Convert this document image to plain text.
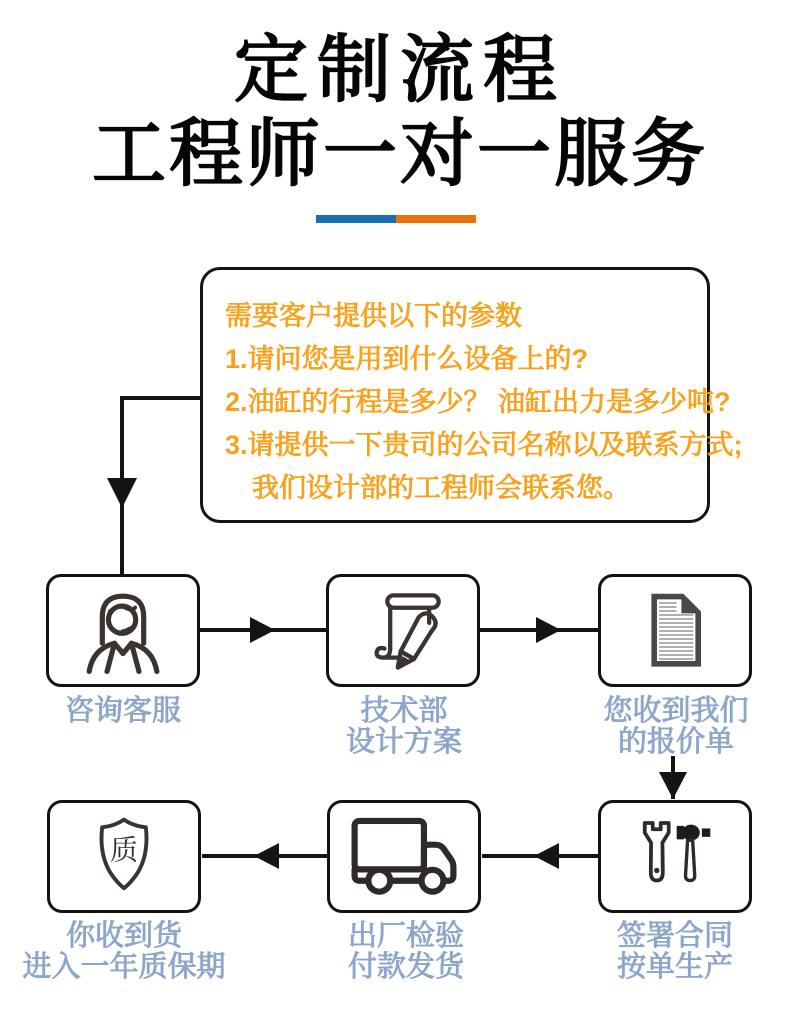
定制流程
工程师一对一服务
需要客户提供以下的参数
1.请问您是用到什么设备上的?
2.油缸的行程是多少？ 油缸出力是多少吨?
3.请提供一下贵司的公司名称以及联系方式;
我们设计部的工程师会联系您。
质
咨询客服	技术部
设计方案
您收到我们
的报价单
签署合同
按单生产
出厂检验
付款发货
你收到货
进入一年质保期
